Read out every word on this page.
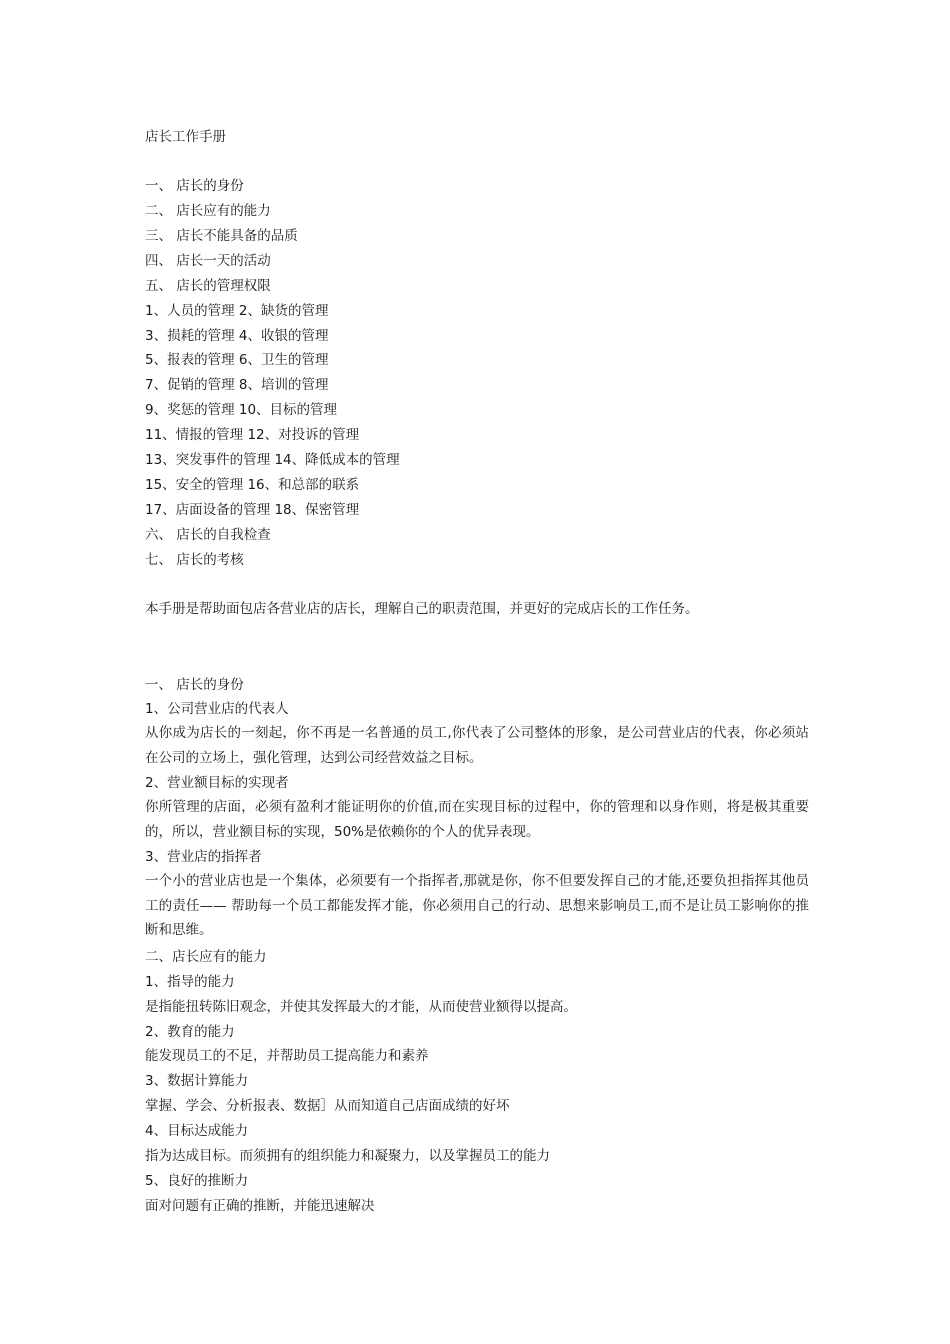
店长工作手册
一、 店长的身份
二、 店长应有的能力
三、 店长不能具备的品质
四、 店长一天的活动
五、 店长的管理权限
1、人员的管理 2、缺货的管理
3、损耗的管理 4、收银的管理
5、报表的管理 6、卫生的管理
7、促销的管理 8、培训的管理
9、奖惩的管理 10、目标的管理
11、情报的管理 12、对投诉的管理
13、突发事件的管理 14、降低成本的管理
15、安全的管理 16、和总部的联系
17、店面设备的管理 18、保密管理
六、 店长的自我检查
七、 店长的考核
本手册是帮助面包店各营业店的店长，理解自己的职责范围，并更好的完成店长的工作任务。
一、 店长的身份
1、公司营业店的代表人
从你成为店长的一刻起，你不再是一名普通的员工,你代表了公司整体的形象，是公司营业店的代表，你必须站在公司的立场上，强化管理，达到公司经营效益之目标。
2、营业额目标的实现者
你所管理的店面，必须有盈利才能证明你的价值,而在实现目标的过程中，你的管理和以身作则，将是极其重要的，所以，营业额目标的实现，50%是依赖你的个人的优异表现。
3、营业店的指挥者
一个小的营业店也是一个集体，必须要有一个指挥者,那就是你，你不但要发挥自己的才能,还要负担指挥其他员工的责任—— 帮助每一个员工都能发挥才能，你必须用自己的行动、思想来影响员工,而不是让员工影响你的推断和思维。
二、店长应有的能力
1、指导的能力
是指能扭转陈旧观念，并使其发挥最大的才能，从而使营业额得以提高。
2、教育的能力
能发现员工的不足，并帮助员工提高能力和素养
3、数据计算能力
掌握、学会、分析报表、数据］从而知道自己店面成绩的好坏
4、目标达成能力
指为达成目标。而须拥有的组织能力和凝聚力，以及掌握员工的能力
5、良好的推断力
面对问题有正确的推断，并能迅速解决
